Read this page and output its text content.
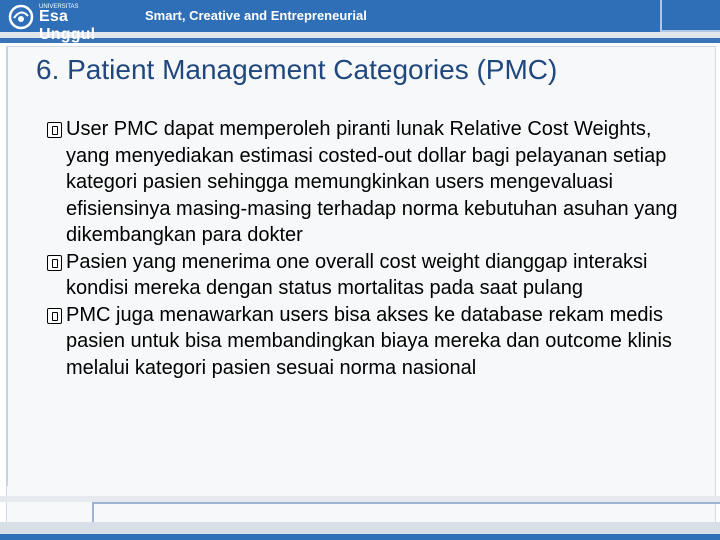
UNIVERSITAS
Esa Unggul
Smart, Creative and Entrepreneurial
6. Patient Management Categories (PMC)

User PMC dapat memperoleh piranti lunak Relative Cost Weights, yang menyediakan estimasi costed-out dollar bagi pelayanan setiap kategori pasien sehingga memungkinkan users mengevaluasi efisiensinya masing-masing terhadap norma kebutuhan asuhan yang dikembangkan para dokter

Pasien yang menerima one overall cost weight dianggap interaksi kondisi mereka dengan status mortalitas pada saat pulang

PMC juga menawarkan users bisa akses ke database rekam medis pasien untuk bisa membandingkan biaya mereka dan outcome klinis melalui kategori pasien sesuai norma nasional
